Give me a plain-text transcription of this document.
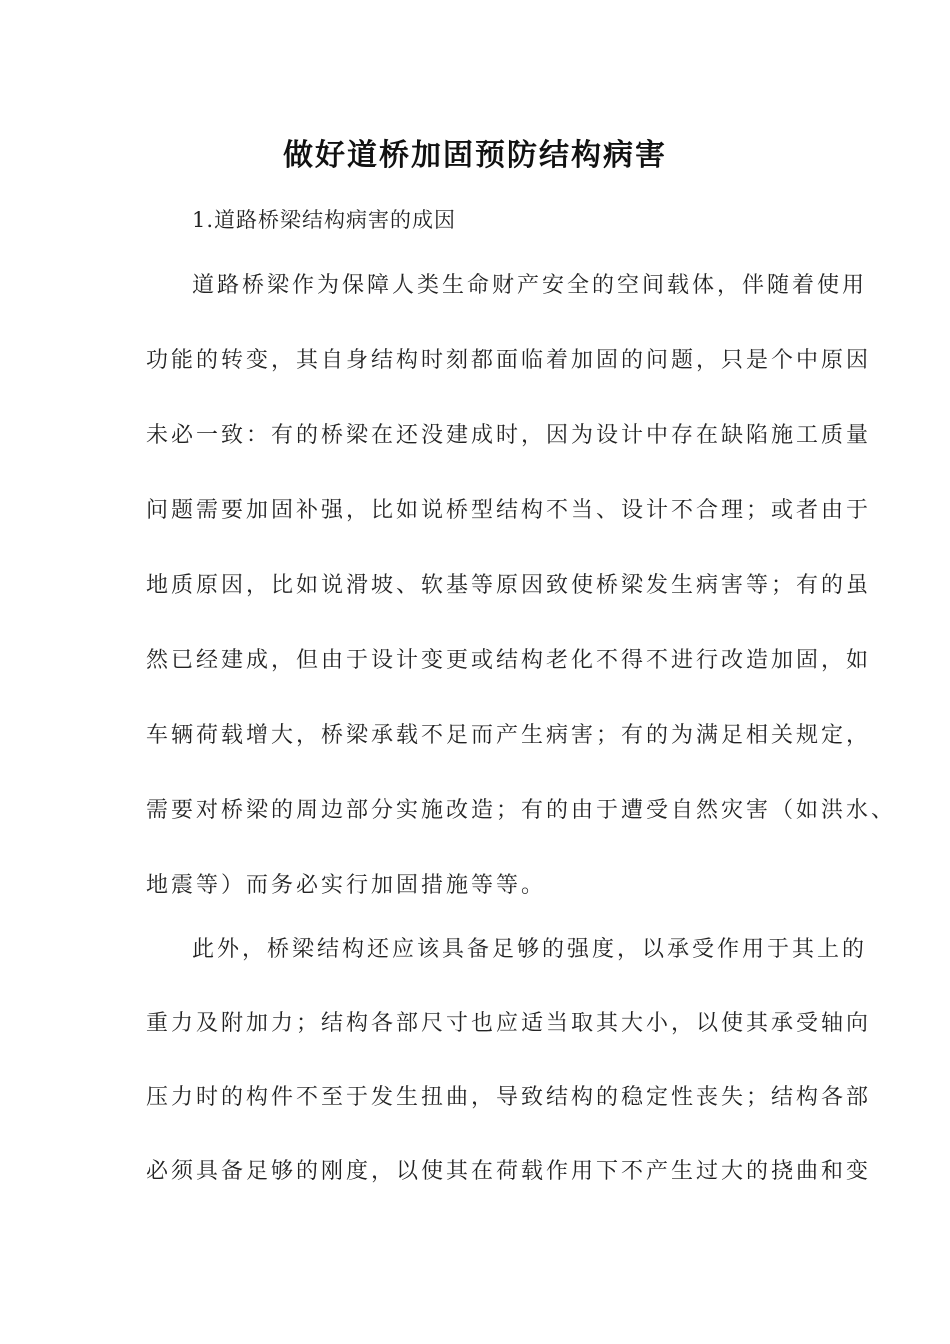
做好道桥加固预防结构病害
1.道路桥梁结构病害的成因
道路桥梁作为保障人类生命财产安全的空间载体，伴随着使用
功能的转变，其自身结构时刻都面临着加固的问题，只是个中原因
未必一致：有的桥梁在还没建成时，因为设计中存在缺陷施工质量
问题需要加固补强，比如说桥型结构不当、设计不合理；或者由于
地质原因，比如说滑坡、软基等原因致使桥梁发生病害等；有的虽
然已经建成，但由于设计变更或结构老化不得不进行改造加固，如
车辆荷载增大，桥梁承载不足而产生病害；有的为满足相关规定，
需要对桥梁的周边部分实施改造；有的由于遭受自然灾害（如洪水、
地震等）而务必实行加固措施等等。
此外，桥梁结构还应该具备足够的强度，以承受作用于其上的
重力及附加力；结构各部尺寸也应适当取其大小，以使其承受轴向
压力时的构件不至于发生扭曲，导致结构的稳定性丧失；结构各部
必须具备足够的刚度，以使其在荷载作用下不产生过大的挠曲和变
